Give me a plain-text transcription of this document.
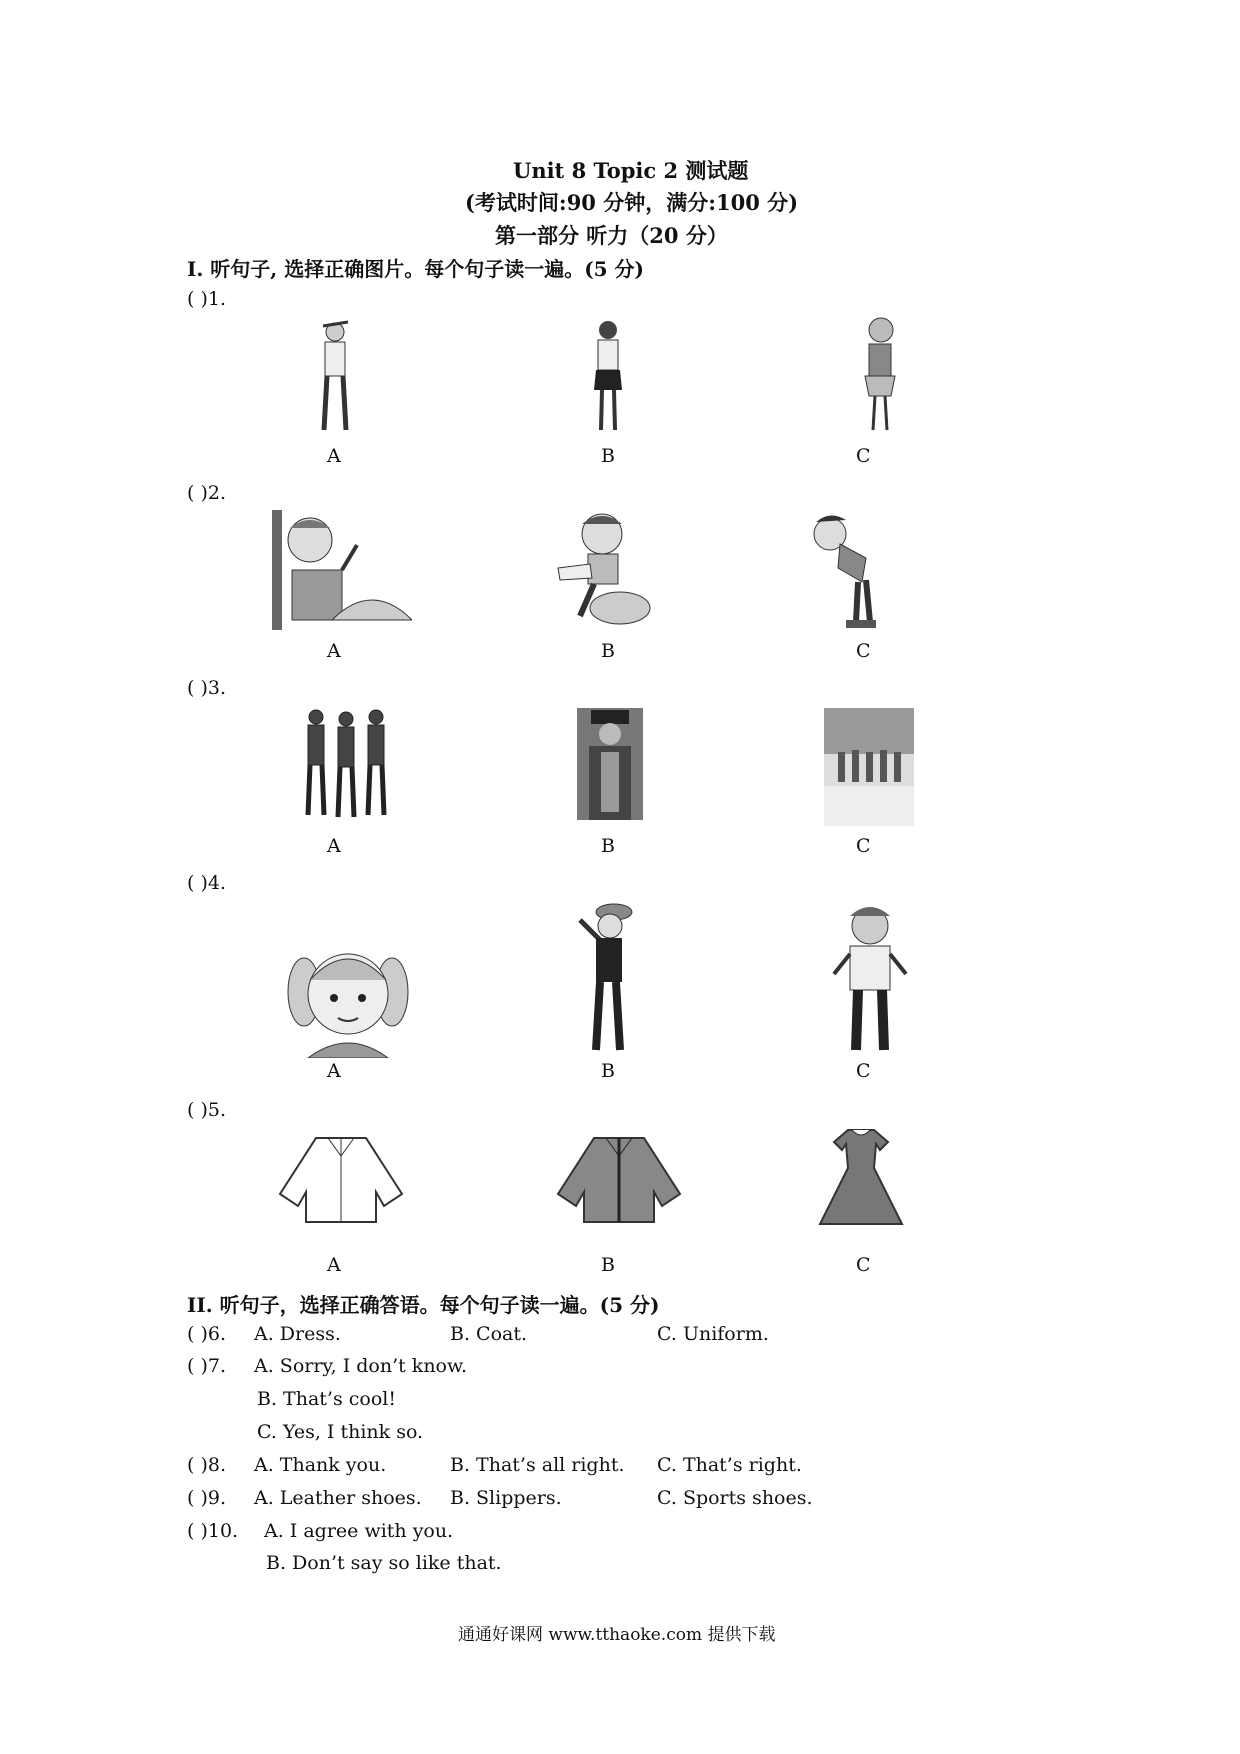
Unit 8 Topic 2 测试题
(考试时间:90 分钟，满分:100 分)
第一部分 听力（20 分）
I. 听句子, 选择正确图片。每个句子读一遍。(5 分)
( )1.
A	B	C
( )2.
A	B	C
( )3.
A	B	C
( )4.
A	B	C
( )5.
A	B	C
II. 听句子，选择正确答语。每个句子读一遍。(5 分)
( )6. A. Dress.	B. Coat.	C. Uniform.
( )7. A. Sorry, I don’t know.
B. That’s cool!
C. Yes, I think so.
( )8. A. Thank you.	B. That’s all right. C. That’s right.
( )9. A. Leather shoes. B. Slippers.	C. Sports shoes.
( )10. A. I agree with you.
B. Don’t say so like that.
通通好课网 www.tthaoke.com 提供下载
